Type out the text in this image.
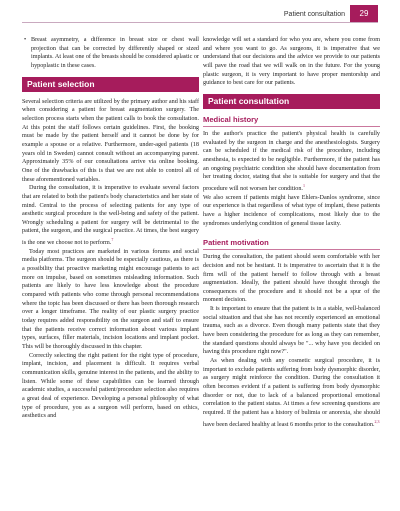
Patient consultation	29
• Breast asymmetry, a difference in breast size or chest wall projection that can be corrected by differently shaped or sized implants. At least one of the breasts should be considered aplastic or hypoplastic in these cases.
Patient selection

Several selection criteria are utilized by the primary author and his staff when considering a patient for breast augmentation surgery. The selection process starts when the patient calls to book the consultation. At this point the staff follows certain guidelines. First, the booking must be made by the patient herself and it cannot be done by for example a spouse or a relative. Furthermore, under-aged patients (18 years old in Sweden) cannot consult without an accompanying parent. Approximately 35% of our consultations arrive via online booking. One of the drawbacks of this is that we are not able to control all of these aforementioned variables.

During the consultation, it is imperative to evaluate several factors that are related to both the patient's body characteristics and her state of mind. Central to the process of selecting patients for any type of aesthetic surgical procedure is the well-being and safety of the patient. Wrongly scheduling a patient for surgery will be detrimental to the patient, the surgeon, and the surgical practice. At times, the best surgery is the one we choose not to perform.$^7$

Today most practices are marketed in various forums and social media platforms. The surgeon should be especially cautious, as there is a possibility that proactive marketing might encourage patients to act more on impulse, based on sometimes misleading information. Such patients are likely to have less knowledge about the procedure compared with patients who come through personal recommendations where the topic has been discussed or there has been thorough research over a longer timeframe. The reality of our plastic surgery practice today requires added responsibility on the surgeon and staff to ensure that the patients receive correct information about various implant types, surfaces, filler materials, incision locations and implant pocket. This will be thoroughly discussed in this chapter.

Correctly selecting the right patient for the right type of procedure, implant, incision, and placement is difficult. It requires verbal communication skills, genuine interest in the patients, and the ability to listen. While some of these capabilities can be learned through academic studies, a successful patient/procedure selection also requires a great deal of experience. Developing a personal philosophy of what type of procedure, you as a surgeon will perform, based on ethics, aesthetics and

knowledge will set a standard for who you are, where you come from and where you want to go. As surgeons, it is imperative that we understand that our decisions and the advice we provide to our patients will pave the road that we will walk on in the future. For the young plastic surgeon, it is very important to have proper mentorship and guidance to best care for our patients.

Patient consultation
Medical history

In the author's practice the patient's physical health is carefully evaluated by the surgeon in charge and the anesthesiologists. Surgery can be scheduled if the medical risk of the procedure, including anesthesia, is expected to be negligible. Furthermore, if the patient has an ongoing psychiatric condition she should have documentation from her treating doctor, stating that she is suitable for surgery and that the procedure will not worsen her condition.$^1$

We also screen if patients might have Ehlers-Danlos syndrome, since our experience is that regardless of what type of implant, these patients have a higher incidence of complications, most likely due to the syndromes underlying condition of general tissue laxity.

Patient motivation

During the consultation, the patient should seem comfortable with her decision and not be hesitant. It is imperative to ascertain that it is the firm will of the patient herself to follow through with a breast augmentation. Ideally, the patient should have thought through the consequences of the procedure and it should not be a spur of the moment decision.

It is important to ensure that the patient is in a stable, well-balanced social situation and that she has not recently experienced an emotional trauma, such as a divorce. Even though many patients state that they have been considering the procedure for as long as they can remember, the standard questions should always be "... why have you decided on having this procedure right now?".

As when dealing with any cosmetic surgical procedure, it is important to exclude patients suffering from body dysmorphic disorder, as surgery might reinforce the condition. During the consultation it often becomes evident if a patient is suffering from body dysmorphic disorder or not, due to lack of a balanced proportional emotional correlation to the patient status. At times a few screening questions are required. If the patient has a history of bulimia or anorexia, she should have been declared healthy at least 6 months prior to the consultation.$^{2,3}$
